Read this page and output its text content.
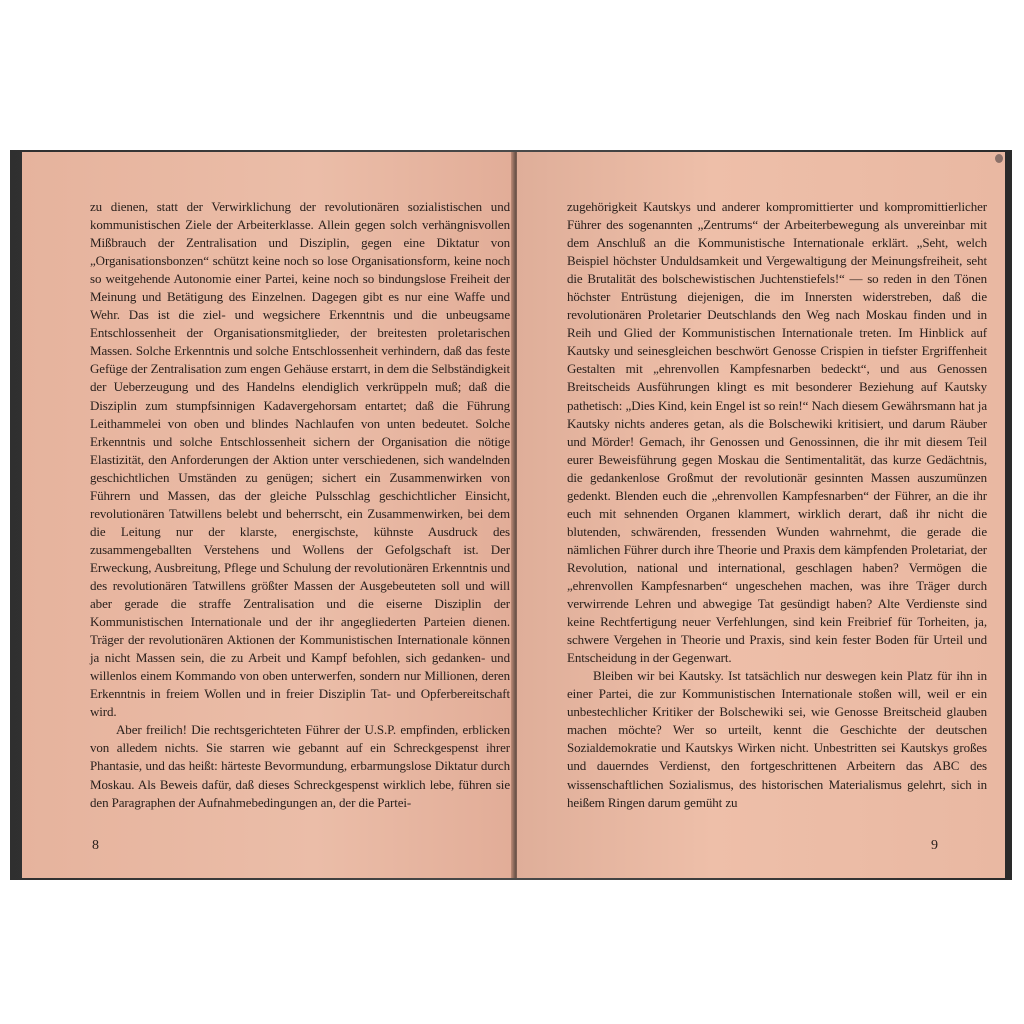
zu dienen, statt der Verwirklichung der revolutionären sozialistischen und kommunistischen Ziele der Arbeiterklasse. Allein gegen solch verhängnisvollen Mißbrauch der Zentralisation und Disziplin, gegen eine Diktatur von „Organisationsbonzen“ schützt keine noch so lose Organisationsform, keine noch so weitgehende Autonomie einer Partei, keine noch so bindungslose Freiheit der Meinung und Betätigung des Einzelnen. Dagegen gibt es nur eine Waffe und Wehr. Das ist die ziel- und wegsichere Erkenntnis und die unbeugsame Entschlossenheit der Organisationsmitglieder, der breitesten proletarischen Massen. Solche Erkenntnis und solche Entschlossenheit verhindern, daß das feste Gefüge der Zentralisation zum engen Gehäuse erstarrt, in dem die Selbständigkeit der Ueberzeugung und des Handelns elendiglich verkrüppeln muß; daß die Disziplin zum stumpfsinnigen Kadavergehorsam entartet; daß die Führung Leithammelei von oben und blindes Nachlaufen von unten bedeutet. Solche Erkenntnis und solche Entschlossenheit sichern der Organisation die nötige Elastizität, den Anforderungen der Aktion unter verschiedenen, sich wandelnden geschichtlichen Umständen zu genügen; sichert ein Zusammenwirken von Führern und Massen, das der gleiche Pulsschlag geschichtlicher Einsicht, revolutionären Tatwillens belebt und beherrscht, ein Zusammenwirken, bei dem die Leitung nur der klarste, energischste, kühnste Ausdruck des zusammengeballten Verstehens und Wollens der Gefolgschaft ist. Der Erweckung, Ausbreitung, Pflege und Schulung der revolutionären Erkenntnis und des revolutionären Tatwillens größter Massen der Ausgebeuteten soll und will aber gerade die straffe Zentralisation und die eiserne Disziplin der Kommunistischen Internationale und der ihr angegliederten Parteien dienen. Träger der revolutionären Aktionen der Kommunistischen Internationale können ja nicht Massen sein, die zu Arbeit und Kampf befohlen, sich gedanken- und willenlos einem Kommando von oben unterwerfen, sondern nur Millionen, deren Erkenntnis in freiem Wollen und in freier Disziplin Tat- und Opferbereitschaft wird.

Aber freilich! Die rechtsgerichteten Führer der U.S.P. empfinden, erblicken von alledem nichts. Sie starren wie gebannt auf ein Schreckgespenst ihrer Phantasie, und das heißt: härteste Bevormundung, erbarmungslose Diktatur durch Moskau. Als Beweis dafür, daß dieses Schreckgespenst wirklich lebe, führen sie den Paragraphen der Aufnahmebedingungen an, der die Partei-

8

zugehörigkeit Kautskys und anderer kompromittierter und kompromittierlicher Führer des sogenannten „Zentrums“ der Arbeiterbewegung als unvereinbar mit dem Anschluß an die Kommunistische Internationale erklärt. „Seht, welch Beispiel höchster Unduldsamkeit und Vergewaltigung der Meinungsfreiheit, seht die Brutalität des bolschewistischen Juchtenstiefels!“ — so reden in den Tönen höchster Entrüstung diejenigen, die im Innersten widerstreben, daß die revolutionären Proletarier Deutschlands den Weg nach Moskau finden und in Reih und Glied der Kommunistischen Internationale treten. Im Hinblick auf Kautsky und seinesgleichen beschwört Genosse Crispien in tiefster Ergriffenheit Gestalten mit „ehrenvollen Kampfesnarben bedeckt“, und aus Genossen Breitscheids Ausführungen klingt es mit besonderer Beziehung auf Kautsky pathetisch: „Dies Kind, kein Engel ist so rein!“ Nach diesem Gewährsmann hat ja Kautsky nichts anderes getan, als die Bolschewiki kritisiert, und darum Räuber und Mörder! Gemach, ihr Genossen und Genossinnen, die ihr mit diesem Teil eurer Beweisführung gegen Moskau die Sentimentalität, das kurze Gedächtnis, die gedankenlose Großmut der revolutionär gesinnten Massen auszumünzen gedenkt. Blenden euch die „ehrenvollen Kampfesnarben“ der Führer, an die ihr euch mit sehnenden Organen klammert, wirklich derart, daß ihr nicht die blutenden, schwärenden, fressenden Wunden wahrnehmt, die gerade die nämlichen Führer durch ihre Theorie und Praxis dem kämpfenden Proletariat, der Revolution, national und international, geschlagen haben? Vermögen die „ehrenvollen Kampfesnarben“ ungeschehen machen, was ihre Träger durch verwirrende Lehren und abwegige Tat gesündigt haben? Alte Verdienste sind keine Rechtfertigung neuer Verfehlungen, sind kein Freibrief für Torheiten, ja, schwere Vergehen in Theorie und Praxis, sind kein fester Boden für Urteil und Entscheidung in der Gegenwart.

Bleiben wir bei Kautsky. Ist tatsächlich nur deswegen kein Platz für ihn in einer Partei, die zur Kommunistischen Internationale stoßen will, weil er ein unbestechlicher Kritiker der Bolschewiki sei, wie Genosse Breitscheid glauben machen möchte? Wer so urteilt, kennt die Geschichte der deutschen Sozialdemokratie und Kautskys Wirken nicht. Unbestritten sei Kautskys großes und dauerndes Verdienst, den fortgeschrittenen Arbeitern das ABC des wissenschaftlichen Sozialismus, des historischen Materialismus gelehrt, sich in heißem Ringen darum gemüht zu

9
